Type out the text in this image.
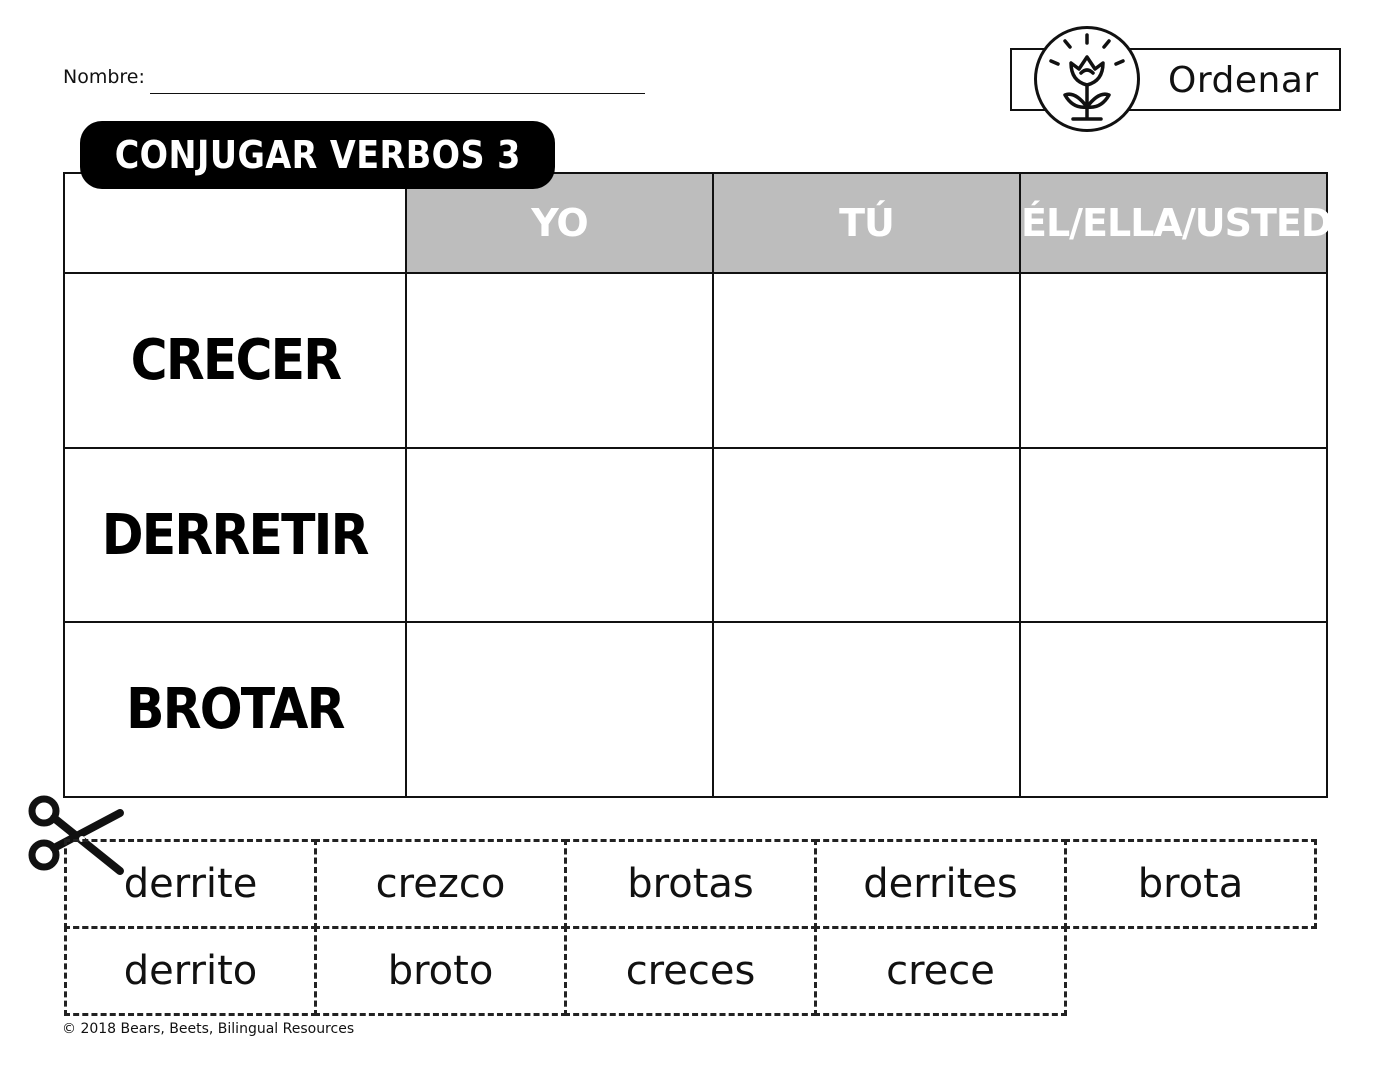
Nombre:	Ordenar
CONJUGAR VERBOS 3
	YO	TÚ	ÉL/ELLA/USTED
CRECER			
DERRETIR			
BROTAR			
derrite	crezco	brotas	derrites	brota
derrito	broto	creces	crece
© 2018 Bears, Beets, Bilingual Resources
